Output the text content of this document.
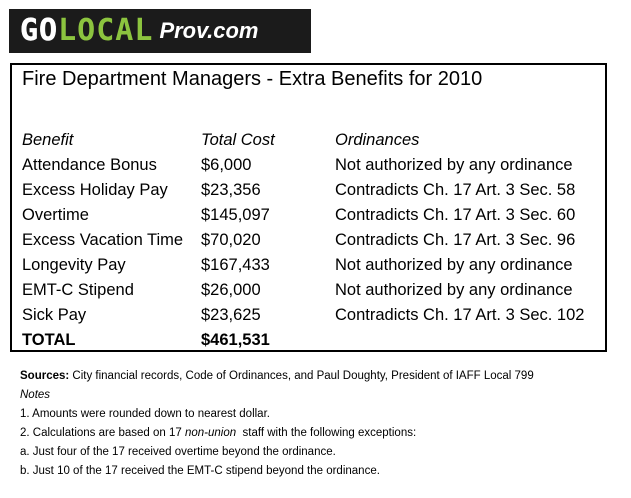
GO LOCAL Prov.com
Fire Department Managers - Extra Benefits for 2010
Benefit	Total Cost	Ordinances
Attendance Bonus	$6,000	Not authorized by any ordinance
Excess Holiday Pay	$23,356	Contradicts Ch. 17 Art. 3 Sec. 58
Overtime	$145,097	Contradicts Ch. 17 Art. 3 Sec. 60
Excess Vacation Time	$70,020	Contradicts Ch. 17 Art. 3 Sec. 96
Longevity Pay	$167,433	Not authorized by any ordinance
EMT-C Stipend	$26,000	Not authorized by any ordinance
Sick Pay	$23,625	Contradicts Ch. 17 Art. 3 Sec. 102
TOTAL	$461,531	
Sources: City financial records, Code of Ordinances, and Paul Doughty, President of IAFF Local 799
Notes
1. Amounts were rounded down to nearest dollar.
2. Calculations are based on 17 non-union  staff with the following exceptions:
a. Just four of the 17 received overtime beyond the ordinance.
b. Just 10 of the 17 received the EMT-C stipend beyond the ordinance.
